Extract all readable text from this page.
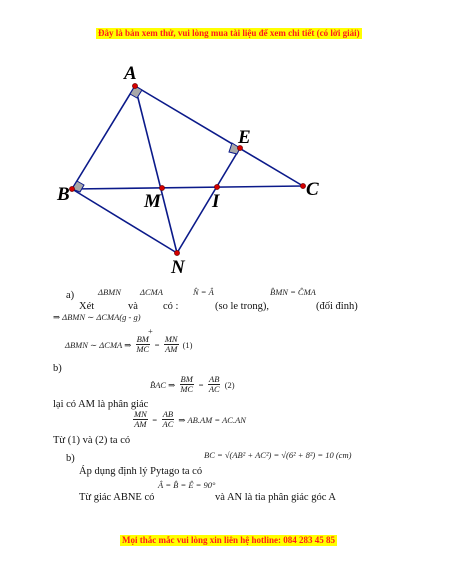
Đây là bản xem thử, vui lòng mua tài liệu để xem chi tiết (có lời giải)
A
B	C
E
M	I
N
a)	ΔBMN ΔCMA	N̂ = Â	B̂MN = ĈMA
Xét	và có :	(so le trong),	(đối đỉnh)
⇒ ΔBMN ∼ ΔCMA(g - g)
+
ΔBMN ∼ ΔCMA ⇒ $\frac{BM}{MC} = \frac{MN}{AM} (1)$
b)
B̂AC ⇒ $\frac{BM}{MC} = \frac{AB}{AC} (2)$
lại có AM là phân giác
$\frac{MN}{AM} = \frac{AB}{AC}$ ⇒ AB.AM = AC.AN
Từ (1) và (2) ta có
b)	BC = √(AB² + AC²) = √(6² + 8²) = 10 (cm)
Áp dụng định lý Pytago ta có
Â = B̂ = Ê = 90°
Từ giác ABNE có	và AN là tia phân giác góc A
Mọi thắc mắc vui lòng xin liên hệ hotline: 084 283 45 85
